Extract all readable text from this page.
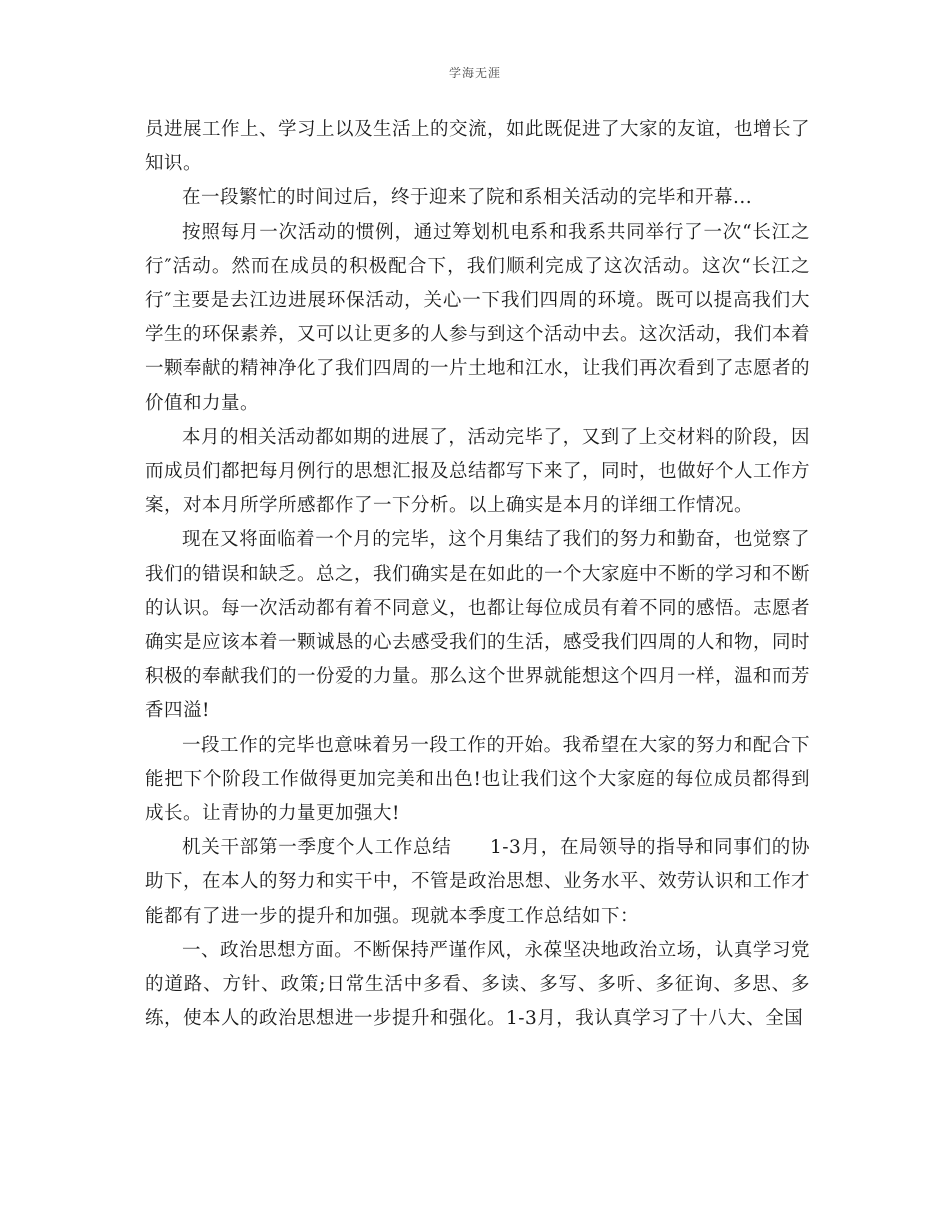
学海无涯

员进展工作上、学习上以及生活上的交流，如此既促进了大家的友谊，也增长了知识。

在一段繁忙的时间过后，终于迎来了院和系相关活动的完毕和开幕...

按照每月一次活动的惯例，通过筹划机电系和我系共同举行了一次“长江之行″活动。然而在成员的积极配合下，我们顺利完成了这次活动。这次“长江之行″主要是去江边进展环保活动，关心一下我们四周的环境。既可以提高我们大学生的环保素养，又可以让更多的人参与到这个活动中去。这次活动，我们本着一颗奉献的精神净化了我们四周的一片土地和江水，让我们再次看到了志愿者的价值和力量。

本月的相关活动都如期的进展了，活动完毕了，又到了上交材料的阶段，因而成员们都把每月例行的思想汇报及总结都写下来了，同时，也做好个人工作方案，对本月所学所感都作了一下分析。以上确实是本月的详细工作情况。

现在又将面临着一个月的完毕，这个月集结了我们的努力和勤奋，也觉察了我们的错误和缺乏。总之，我们确实是在如此的一个大家庭中不断的学习和不断的认识。每一次活动都有着不同意义，也都让每位成员有着不同的感悟。志愿者确实是应该本着一颗诚恳的心去感受我们的生活，感受我们四周的人和物，同时积极的奉献我们的一份爱的力量。那么这个世界就能想这个四月一样，温和而芳香四溢!

一段工作的完毕也意味着另一段工作的开始。我希望在大家的努力和配合下能把下个阶段工作做得更加完美和出色!也让我们这个大家庭的每位成员都得到成长。让青协的力量更加强大!

机关干部第一季度个人工作总结　　1-3月，在局领导的指导和同事们的协助下，在本人的努力和实干中，不管是政治思想、业务水平、效劳认识和工作才能都有了进一步的提升和加强。现就本季度工作总结如下：

一、政治思想方面。不断保持严谨作风，永葆坚决地政治立场，认真学习党的道路、方针、政策;日常生活中多看、多读、多写、多听、多征询、多思、多练，使本人的政治思想进一步提升和强化。1-3月，我认真学习了十八大、全国
